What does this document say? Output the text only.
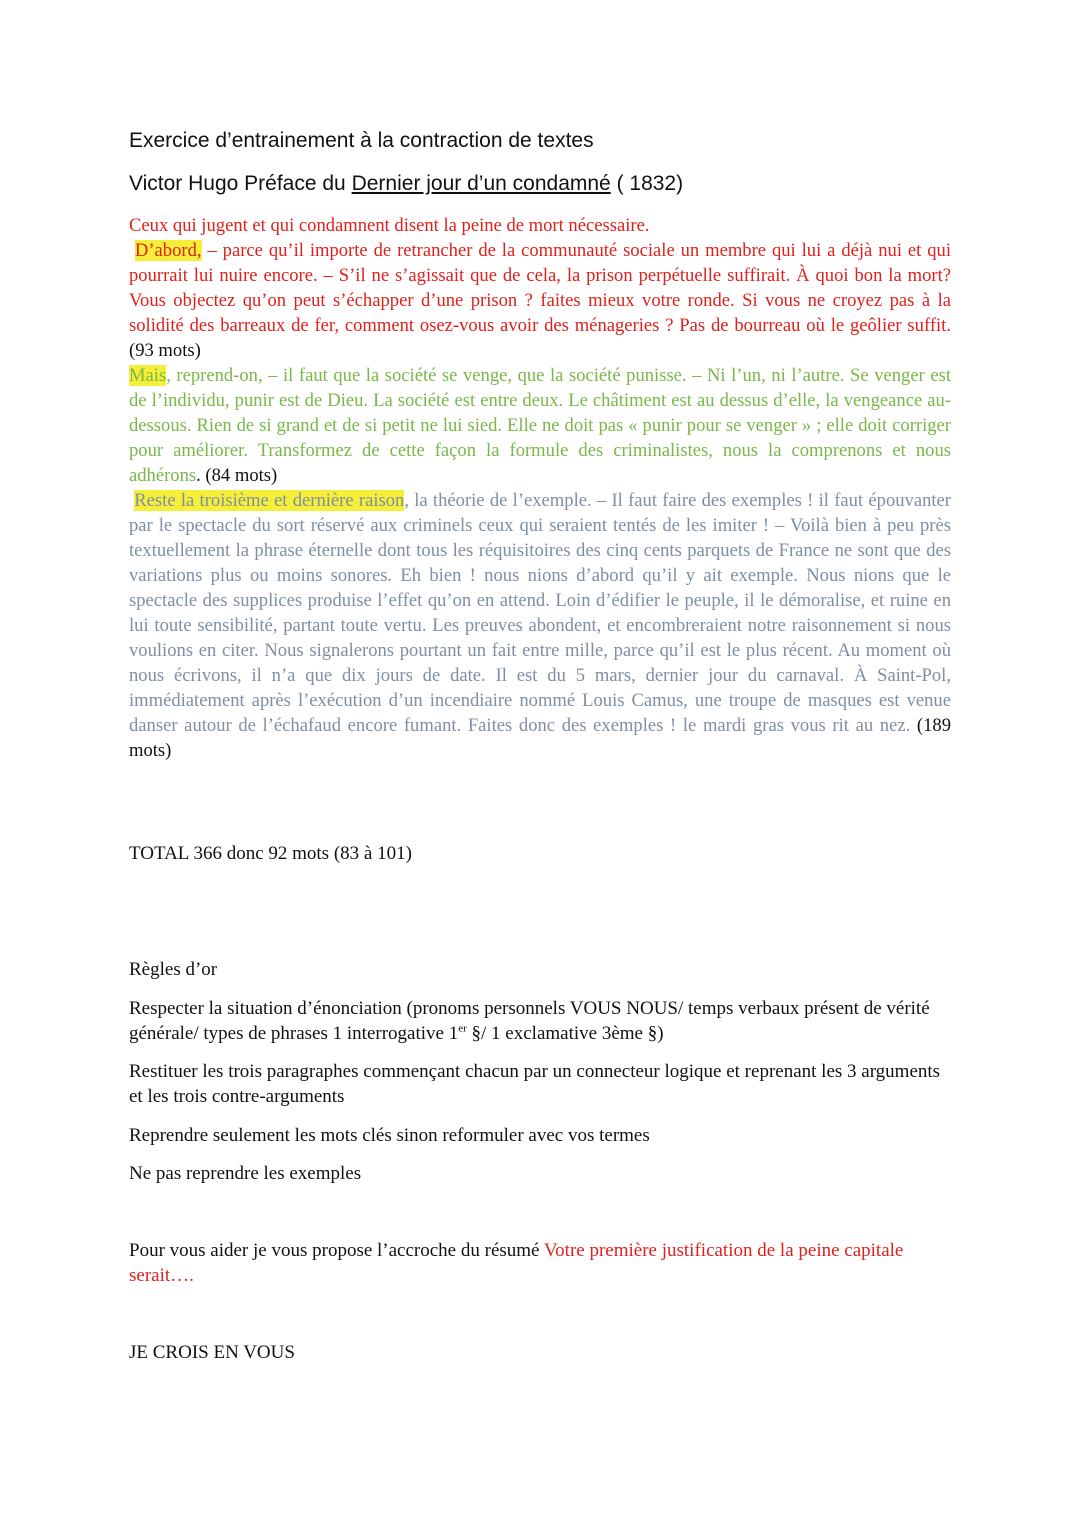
Exercice d’entrainement à la contraction de textes
Victor Hugo Préface du Dernier jour d’un condamné ( 1832)

Ceux qui jugent et qui condamnent disent la peine de mort nécessaire.

D’abord, – parce qu’il importe de retrancher de la communauté sociale un membre qui lui a déjà nui et qui pourrait lui nuire encore. – S’il ne s’agissait que de cela, la prison perpétuelle suffirait. À quoi bon la mort? Vous objectez qu’on peut s’échapper d’une prison ? faites mieux votre ronde. Si vous ne croyez pas à la solidité des barreaux de fer, comment osez-vous avoir des ménageries ? Pas de bourreau où le geôlier suffit. (93 mots)

Mais, reprend-on, – il faut que la société se venge, que la société punisse. – Ni l’un, ni l’autre. Se venger est de l’individu, punir est de Dieu. La société est entre deux. Le châtiment est au dessus d’elle, la vengeance au-dessous. Rien de si grand et de si petit ne lui sied. Elle ne doit pas « punir pour se venger » ; elle doit corriger pour améliorer. Transformez de cette façon la formule des criminalistes, nous la comprenons et nous adhérons. (84 mots)

Reste la troisième et dernière raison, la théorie de l’exemple. – Il faut faire des exemples ! il faut épouvanter par le spectacle du sort réservé aux criminels ceux qui seraient tentés de les imiter ! – Voilà bien à peu près textuellement la phrase éternelle dont tous les réquisitoires des cinq cents parquets de France ne sont que des variations plus ou moins sonores. Eh bien ! nous nions d’abord qu’il y ait exemple. Nous nions que le spectacle des supplices produise l’effet qu’on en attend. Loin d’édifier le peuple, il le démoralise, et ruine en lui toute sensibilité, partant toute vertu. Les preuves abondent, et encombreraient notre raisonnement si nous voulions en citer. Nous signalerons pourtant un fait entre mille, parce qu’il est le plus récent. Au moment où nous écrivons, il n’a que dix jours de date. Il est du 5 mars, dernier jour du carnaval. À Saint-Pol, immédiatement après l’exécution d’un incendiaire nommé Louis Camus, une troupe de masques est venue danser autour de l’échafaud encore fumant. Faites donc des exemples ! le mardi gras vous rit au nez. (189 mots)

TOTAL 366 donc 92 mots (83 à 101)
Règles d’or
Respecter la situation d’énonciation (pronoms personnels VOUS NOUS/ temps verbaux présent de vérité générale/ types de phrases 1 interrogative 1er §/ 1 exclamative 3ème §)
Restituer les trois paragraphes commençant chacun par un connecteur logique et reprenant les 3 arguments et les trois contre-arguments
Reprendre seulement les mots clés sinon reformuler avec vos termes
Ne pas reprendre les exemples
Pour vous aider je vous propose l’accroche du résumé Votre première justification de la peine capitale serait….
JE CROIS EN VOUS
